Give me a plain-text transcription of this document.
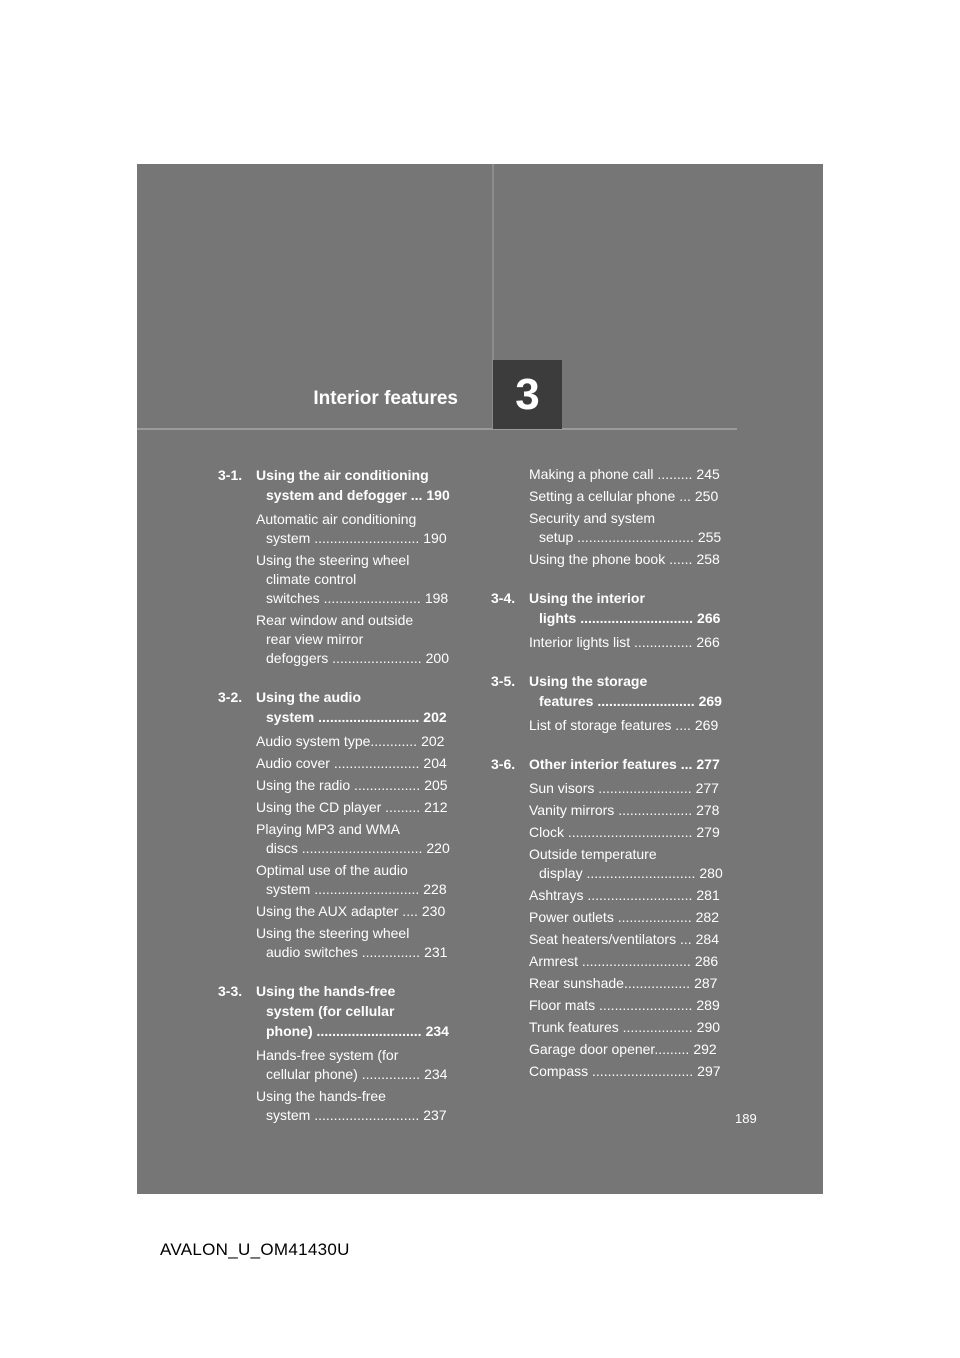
Interior features	3
3-1. Using the air conditioning
system and defogger ... 190
Automatic air conditioning
system ........................... 190
Using the steering wheel
climate control
switches ......................... 198
Rear window and outside
rear view mirror
defoggers ....................... 200
3-2. Using the audio
system .......................... 202
Audio system type............ 202
Audio cover ...................... 204
Using the radio ................. 205
Using the CD player ......... 212
Playing MP3 and WMA
discs ............................... 220
Optimal use of the audio
system ........................... 228
Using the AUX adapter .... 230
Using the steering wheel
audio switches ............... 231
3-3. Using the hands-free
system (for cellular
phone) ........................... 234
Hands-free system (for
cellular phone) ............... 234
Using the hands-free
system ........................... 237
Making a phone call ......... 245
Setting a cellular phone ... 250
Security and system
setup .............................. 255
Using the phone book ...... 258
3-4. Using the interior
lights ............................. 266
Interior lights list ............... 266
3-5. Using the storage
features ......................... 269
List of storage features .... 269
3-6. Other interior features ... 277
Sun visors ........................ 277
Vanity mirrors ................... 278
Clock ................................ 279
Outside temperature
display ............................ 280
Ashtrays ........................... 281
Power outlets ................... 282
Seat heaters/ventilators ... 284
Armrest ............................ 286
Rear sunshade................. 287
Floor mats ........................ 289
Trunk features .................. 290
Garage door opener......... 292
Compass .......................... 297
189
AVALON_U_OM41430U
